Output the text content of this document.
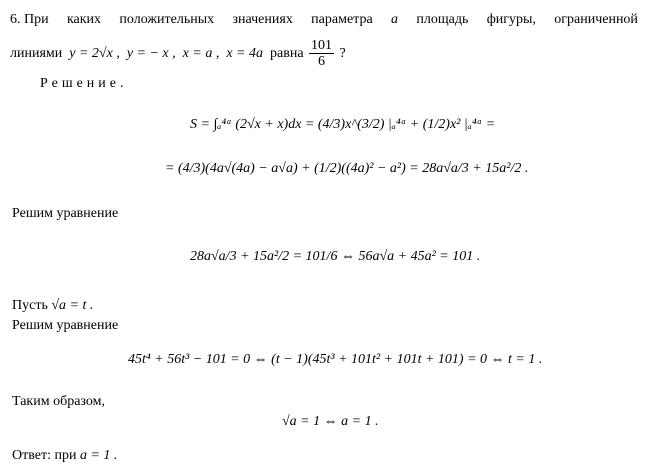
6. При каких положительных значениях параметра a площадь фигуры, ограниченной
линиями y = 2√x , y = − x , x = a , x = 4a равна $\frac{101}{6}$ ?
Решение.
S = ∫ₐ⁴ᵃ (2√x + x)dx = (4/3)x^(3/2) |ₐ⁴ᵃ + (1/2)x² |ₐ⁴ᵃ =
= (4/3)(4a√(4a) − a√a) + (1/2)((4a)² − a²) = 28a√a/3 + 15a²/2 .
Решим уравнение
28a√a/3 + 15a²/2 = 101/6 ⇔ 56a√a + 45a² = 101 .
Пусть √a = t .
Решим уравнение
45t⁴ + 56t³ − 101 = 0 ⇔ (t − 1)(45t³ + 101t² + 101t + 101) = 0 ⇔ t = 1 .
Таким образом,
√a = 1 ⇔ a = 1 .
Ответ: при a = 1 .
